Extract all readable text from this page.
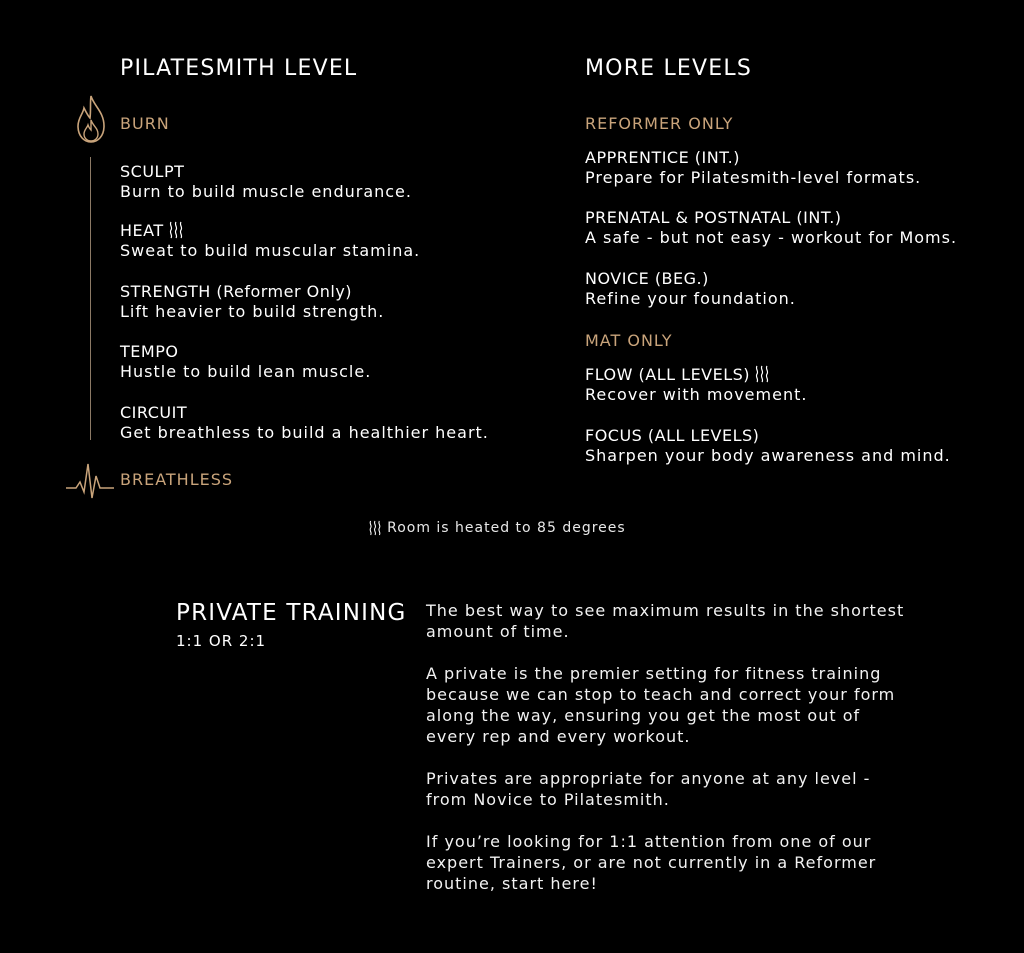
PILATESMITH LEVEL
BURN
SCULPT
Burn to build muscle endurance.
HEAT
Sweat to build muscular stamina.
STRENGTH (Reformer Only)
Lift heavier to build strength.
TEMPO
Hustle to build lean muscle.
CIRCUIT
Get breathless to build a healthier heart.
BREATHLESS
MORE LEVELS
REFORMER ONLY
APPRENTICE (INT.)
Prepare for Pilatesmith-level formats.
PRENATAL & POSTNATAL (INT.)
A safe - but not easy - workout for Moms.
NOVICE (BEG.)
Refine your foundation.
MAT ONLY
FLOW (ALL LEVELS)
Recover with movement.
FOCUS (ALL LEVELS)
Sharpen your body awareness and mind.
Room is heated to 85 degrees
PRIVATE TRAINING
1:1 OR 2:1

The best way to see maximum results in the shortest amount of time.

A private is the premier setting for fitness training because we can stop to teach and correct your form along the way, ensuring you get the most out of every rep and every workout.

Privates are appropriate for anyone at any level - from Novice to Pilatesmith.

If you’re looking for 1:1 attention from one of our expert Trainers, or are not currently in a Reformer routine, start here!
